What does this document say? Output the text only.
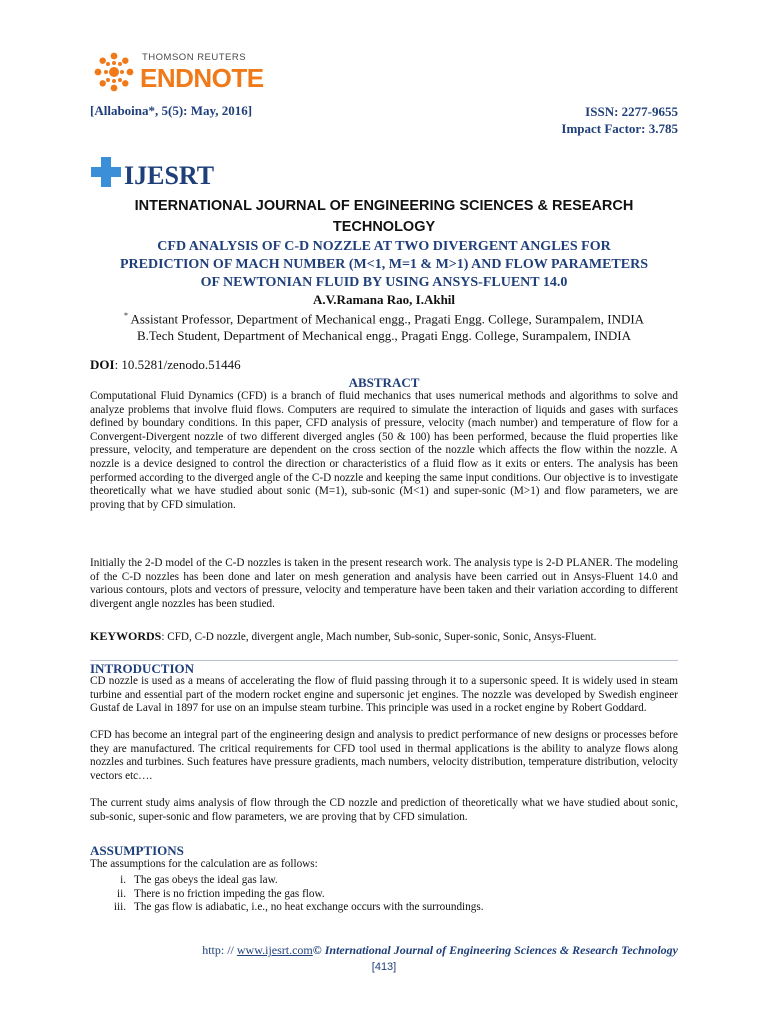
THOMSON REUTERS
ENDNOTE
[Allaboina*, 5(5): May, 2016]	ISSN: 2277-9655
Impact Factor: 3.785
IJESRT
INTERNATIONAL JOURNAL OF ENGINEERING SCIENCES & RESEARCH TECHNOLOGY
CFD ANALYSIS OF C-D NOZZLE AT TWO DIVERGENT ANGLES FOR
PREDICTION OF MACH NUMBER (M<1, M=1 & M>1) AND FLOW PARAMETERS
OF NEWTONIAN FLUID BY USING ANSYS-FLUENT 14.0
A.V.Ramana Rao, I.Akhil
* Assistant Professor, Department of Mechanical engg., Pragati Engg. College, Surampalem, INDIA
B.Tech Student, Department of Mechanical engg., Pragati Engg. College, Surampalem, INDIA
DOI: 10.5281/zenodo.51446
ABSTRACT
Computational Fluid Dynamics (CFD) is a branch of fluid mechanics that uses numerical methods and algorithms to solve and analyze problems that involve fluid flows. Computers are required to simulate the interaction of liquids and gases with surfaces defined by boundary conditions. In this paper, CFD analysis of pressure, velocity (mach number) and temperature of flow for a Convergent-Divergent nozzle of two different diverged angles (50 & 100) has been performed, because the fluid properties like pressure, velocity, and temperature are dependent on the cross section of the nozzle which affects the flow within the nozzle. A nozzle is a device designed to control the direction or characteristics of a fluid flow as it exits or enters. The analysis has been performed according to the diverged angle of the C-D nozzle and keeping the same input conditions. Our objective is to investigate theoretically what we have studied about sonic (M=1), sub-sonic (M<1) and super-sonic (M>1) and flow parameters, we are proving that by CFD simulation.
Initially the 2-D model of the C-D nozzles is taken in the present research work. The analysis type is 2-D PLANER. The modeling of the C-D nozzles has been done and later on mesh generation and analysis have been carried out in Ansys-Fluent 14.0 and various contours, plots and vectors of pressure, velocity and temperature have been taken and their variation according to different divergent angle nozzles has been studied.
KEYWORDS: CFD, C-D nozzle, divergent angle, Mach number, Sub-sonic, Super-sonic, Sonic, Ansys-Fluent.
INTRODUCTION
CD nozzle is used as a means of accelerating the flow of fluid passing through it to a supersonic speed. It is widely used in steam turbine and essential part of the modern rocket engine and supersonic jet engines. The nozzle was developed by Swedish engineer Gustaf de Laval in 1897 for use on an impulse steam turbine. This principle was used in a rocket engine by Robert Goddard.
CFD has become an integral part of the engineering design and analysis to predict performance of new designs or processes before they are manufactured. The critical requirements for CFD tool used in thermal applications is the ability to analyze flows along nozzles and turbines. Such features have pressure gradients, mach numbers, velocity distribution, temperature distribution, velocity vectors etc….
The current study aims analysis of flow through the CD nozzle and prediction of theoretically what we have studied about sonic, sub-sonic, super-sonic and flow parameters, we are proving that by CFD simulation.
ASSUMPTIONS
The assumptions for the calculation are as follows:
i. The gas obeys the ideal gas law.
ii. There is no friction impeding the gas flow.
iii. The gas flow is adiabatic, i.e., no heat exchange occurs with the surroundings.
http: // www.ijesrt.com© International Journal of Engineering Sciences & Research Technology
[413]
